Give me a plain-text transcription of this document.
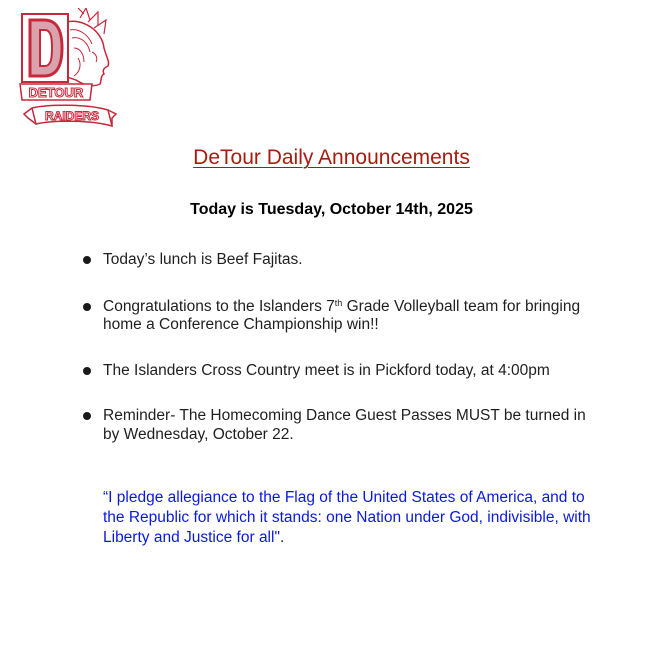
DETOUR
RAIDERS
DeTour Daily Announcements

Today is Tuesday, October 14th, 2025

Today’s lunch is Beef Fajitas.
Congratulations to the Islanders 7th Grade Volleyball team for bringing home a Conference Championship win!!
The Islanders Cross Country meet is in Pickford today, at 4:00pm
Reminder- The Homecoming Dance Guest Passes MUST be turned in by Wednesday, October 22.

“I pledge allegiance to the Flag of the United States of America, and to the Republic for which it stands: one Nation under God, indivisible, with Liberty and Justice for all".
